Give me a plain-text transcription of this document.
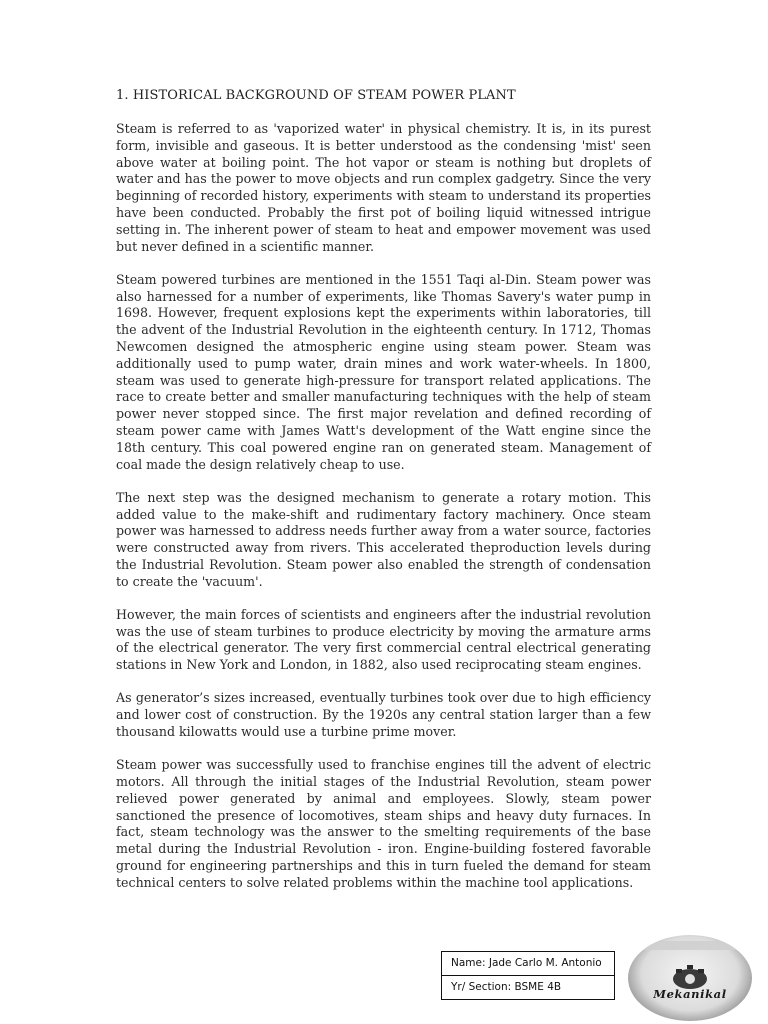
1. HISTORICAL BACKGROUND OF STEAM POWER PLANT

Steam is referred to as 'vaporized water' in physical chemistry. It is, in its purest form, invisible and gaseous. It is better understood as the condensing 'mist' seen above water at boiling point. The hot vapor or steam is nothing but droplets of water and has the power to move objects and run complex gadgetry. Since the very beginning of recorded history, experiments with steam to understand its properties have been conducted. Probably the first pot of boiling liquid witnessed intrigue setting in. The inherent power of steam to heat and empower movement was used but never defined in a scientific manner.

Steam powered turbines are mentioned in the 1551 Taqi al-Din. Steam power was also harnessed for a number of experiments, like Thomas Savery's water pump in 1698. However, frequent explosions kept the experiments within laboratories, till the advent of the Industrial Revolution in the eighteenth century. In 1712, Thomas Newcomen designed the atmospheric engine using steam power. Steam was additionally used to pump water, drain mines and work water-wheels. In 1800, steam was used to generate high-pressure for transport related applications. The race to create better and smaller manufacturing techniques with the help of steam power never stopped since. The first major revelation and defined recording of steam power came with James Watt's development of the Watt engine since the 18th century. This coal powered engine ran on generated steam. Management of coal made the design relatively cheap to use.

The next step was the designed mechanism to generate a rotary motion. This added value to the make-shift and rudimentary factory machinery. Once steam power was harnessed to address needs further away from a water source, factories were constructed away from rivers. This accelerated theproduction levels during the Industrial Revolution. Steam power also enabled the strength of condensation to create the 'vacuum'.

However, the main forces of scientists and engineers after the industrial revolution was the use of steam turbines to produce electricity by moving the armature arms of the electrical generator. The very first commercial central electrical generating stations in New York and London, in 1882, also used reciprocating steam engines.

As generator’s sizes increased, eventually turbines took over due to high efficiency and lower cost of construction. By the 1920s any central station larger than a few thousand kilowatts would use a turbine prime mover.

Steam power was successfully used to franchise engines till the advent of electric motors. All through the initial stages of the Industrial Revolution, steam power relieved power generated by animal and employees. Slowly, steam power sanctioned the presence of locomotives, steam ships and heavy duty furnaces. In fact, steam technology was the answer to the smelting requirements of the base metal during the Industrial Revolution - iron. Engine-building fostered favorable ground for engineering partnerships and this in turn fueled the demand for steam technical centers to solve related problems within the machine tool applications.

Name: Jade Carlo M. Antonio
Yr/ Section: BSME 4B	Mekanikal
